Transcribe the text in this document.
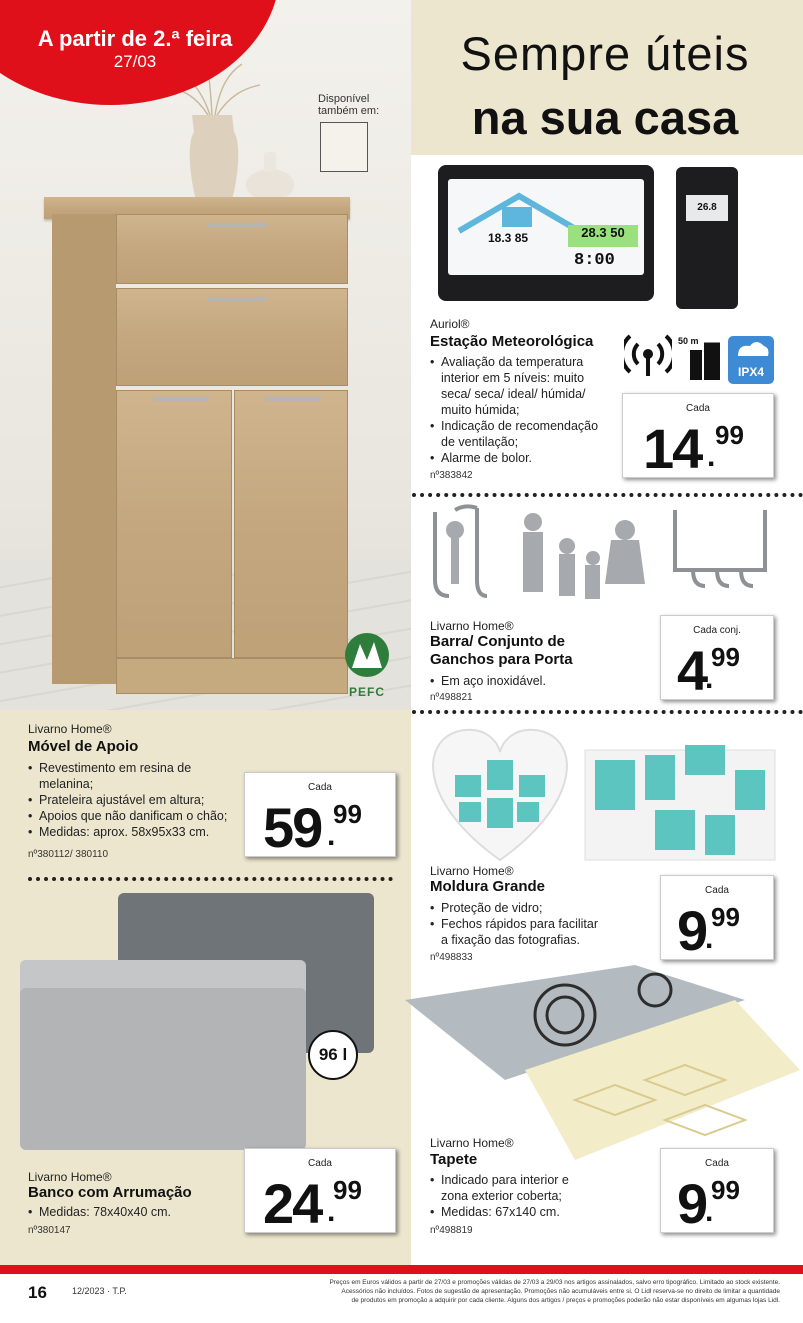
Disponível
também em:
PEFC
A partir de 2.ª feira
27/03	Sempre úteis
na sua casa
18.3 85	28.3 50
8:00
26.8
50 m
IPX4
Auriol®
Estação Meteorológica
• Avaliação da temperatura
interior em 5 níveis: muito
seca/ seca/ ideal/ húmida/
muito húmida;
• Indicação de recomendação
de ventilação;
• Alarme de bolor.
nº383842
Cada
14 99
.
Livarno Home®
Barra/ Conjunto de
Ganchos para Porta
• Em aço inoxidável.
nº498821
Cada conj.
4 99
.
Livarno Home®
Moldura Grande
• Proteção de vidro;
• Fechos rápidos para facilitar
a fixação das fotografias.
nº498833
Cada
9 99
.
Livarno Home®
Tapete
• Indicado para interior e
zona exterior coberta;
• Medidas: 67x140 cm.
nº498819
Cada
9 99
.
Livarno Home®
Móvel de Apoio
• Revestimento em resina de
melanina;
• Prateleira ajustável em altura;
• Apoios que não danificam o chão;
• Medidas: aprox. 58x95x33 cm.
nº380112/ 380110
Cada
59 99
.
96 l
Livarno Home®
Banco com Arrumação
• Medidas: 78x40x40 cm.
nº380147
Cada
24 99
.
16	12/2023 · T.P.
Preços em Euros válidos a partir de 27/03 e promoções válidas de 27/03 a 29/03 nos artigos assinalados, salvo erro tipográfico. Limitado ao stock existente.
Acessórios não incluídos. Fotos de sugestão de apresentação. Promoções não acumuláveis entre si. O Lidl reserva-se no direito de limitar a quantidade
de produtos em promoção a adquirir por cada cliente. Alguns dos artigos / preços e promoções poderão não estar disponíveis em algumas lojas Lidl.
